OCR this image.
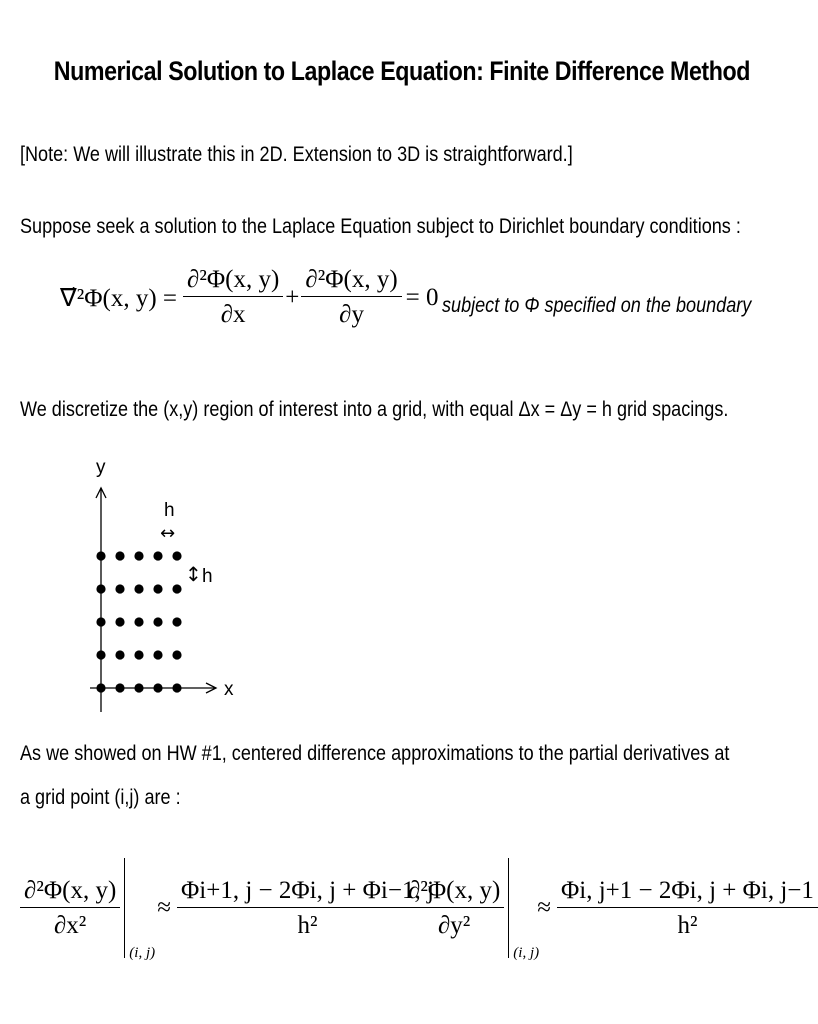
Numerical Solution to Laplace Equation: Finite Difference Method
[Note: We will illustrate this in 2D. Extension to 3D is straightforward.]
Suppose seek a solution to the Laplace Equation subject to Dirichlet boundary conditions :
∇⃗²Φ(x, $y) = \frac{\text{∂²Φ(x, y)}}{\partial x} + \frac{\text{∂²Φ(x, y)}}{\partial y} = 0$ subject to Φ specified on the boundary
We discretize the (x,y) region of interest into a grid, with equal Δx = Δy = h grid spacings.
y
x
h
↔
↕ h
As we showed on HW #1, centered difference approximations to the partial derivatives at
a grid point (i,j) are :
$\frac{\text{∂²Φ(x, y)}}{\text{∂x²}}$
(i, j)
≈ $\frac{\Phi i+1, j - 2\Phi i, j + \Phi i-1, j}{\text{h²}}$
$\frac{\text{∂²Φ(x, y)}}{\text{∂y²}}$
(i, j)
≈ $\frac{\Phi i, j+1 - 2\Phi i, j + \Phi i, j-1}{\text{h²}}$
